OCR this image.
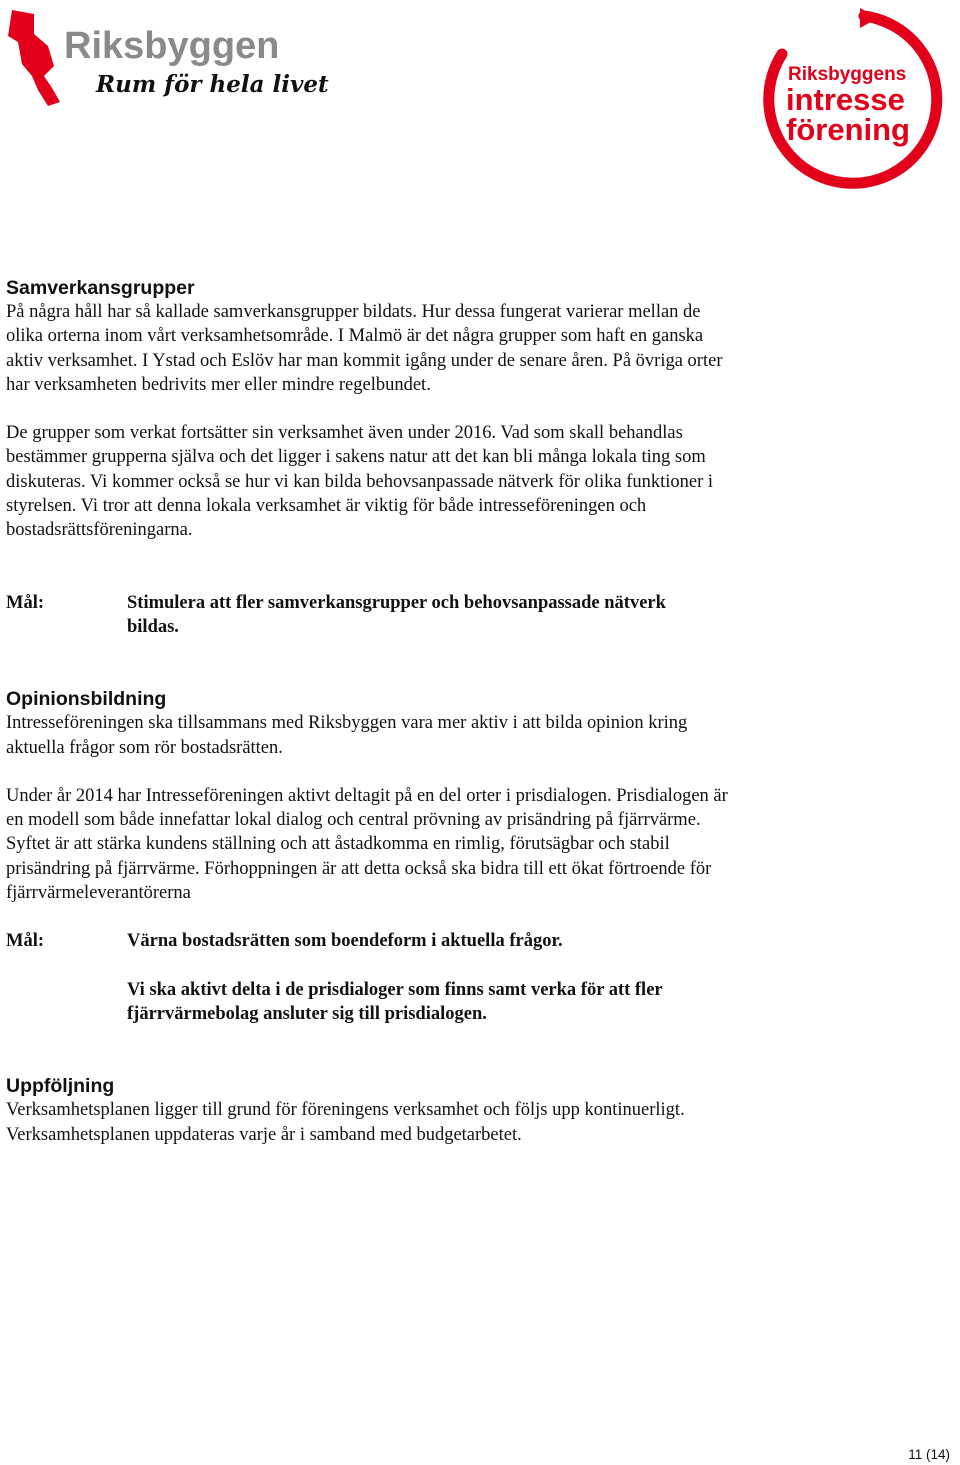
Riksbyggen
Rum för hela livet	Riksbyggens
intresse
förening
Samverkansgrupper

På några håll har så kallade samverkansgrupper bildats. Hur dessa fungerat varierar mellan de olika orterna inom vårt verksamhetsområde. I Malmö är det några grupper som haft en ganska aktiv verksamhet. I Ystad och Eslöv har man kommit igång under de senare åren. På övriga orter har verksamheten bedrivits mer eller mindre regelbundet.

De grupper som verkat fortsätter sin verksamhet även under 2016. Vad som skall behandlas bestämmer grupperna själva och det ligger i sakens natur att det kan bli många lokala ting som diskuteras. Vi kommer också se hur vi kan bilda behovsanpassade nätverk för olika funktioner i styrelsen. Vi tror att denna lokala verksamhet är viktig för både intresseföreningen och bostadsrättsföreningarna.

Mål:	Stimulera att fler samverkansgrupper och behovsanpassade nätverk bildas.

Opinionsbildning

Intresseföreningen ska tillsammans med Riksbyggen vara mer aktiv i att bilda opinion kring aktuella frågor som rör bostadsrätten.

Under år 2014 har Intresseföreningen aktivt deltagit på en del orter i prisdialogen. Prisdialogen är en modell som både innefattar lokal dialog och central prövning av prisändring på fjärrvärme. Syftet är att stärka kundens ställning och att åstadkomma en rimlig, förutsägbar och stabil prisändring på fjärrvärme. Förhoppningen är att detta också ska bidra till ett ökat förtroende för fjärrvärmeleverantörerna

Mål:	Värna bostadsrätten som boendeform i aktuella frågor.

Vi ska aktivt delta i de prisdialoger som finns samt verka för att fler fjärrvärmebolag ansluter sig till prisdialogen.

Uppföljning

Verksamhetsplanen ligger till grund för föreningens verksamhet och följs upp kontinuerligt. Verksamhetsplanen uppdateras varje år i samband med budgetarbetet.

11 (14)
